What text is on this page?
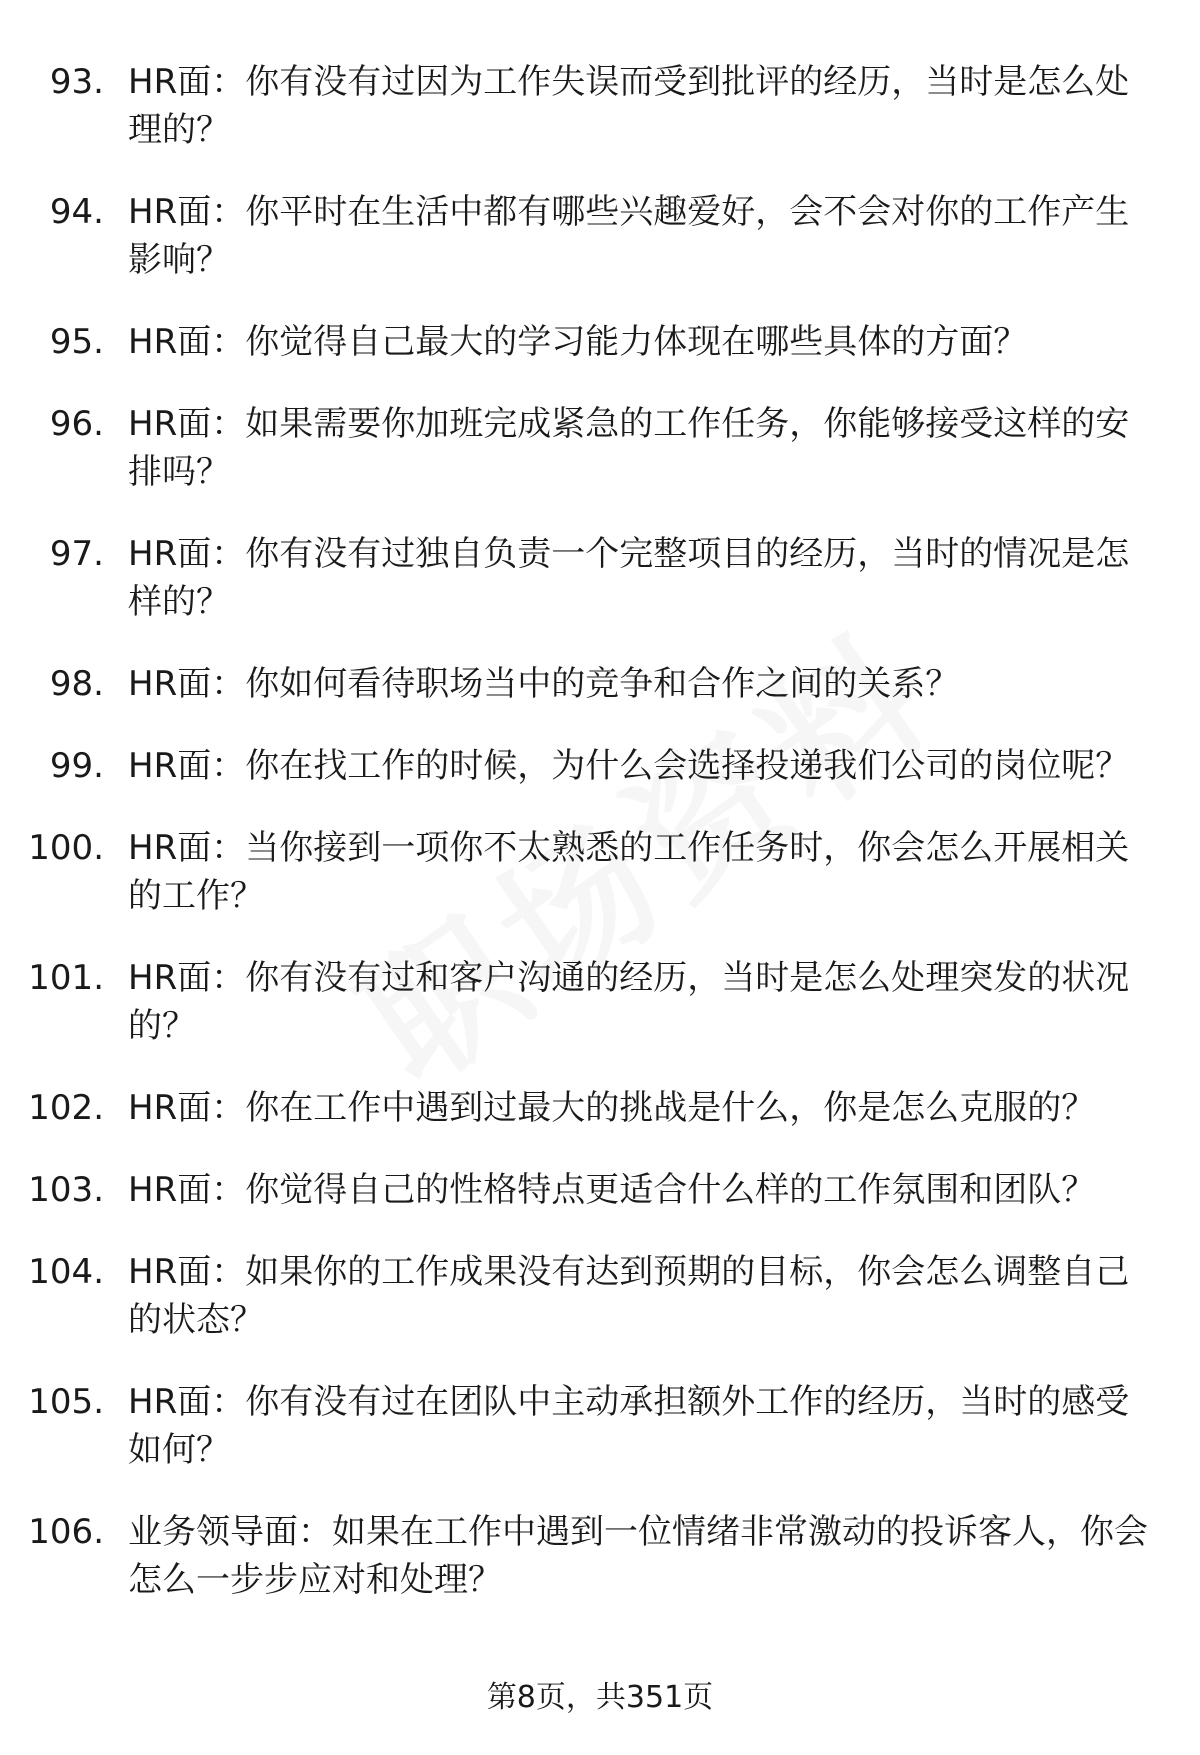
93. HR面：你有没有过因为工作失误而受到批评的经历，当时是怎么处理的？
94. HR面：你平时在生活中都有哪些兴趣爱好，会不会对你的工作产生影响？
95. HR面：你觉得自己最大的学习能力体现在哪些具体的方面？
96. HR面：如果需要你加班完成紧急的工作任务，你能够接受这样的安排吗？
97. HR面：你有没有过独自负责一个完整项目的经历，当时的情况是怎样的？
98. HR面：你如何看待职场当中的竞争和合作之间的关系？
99. HR面：你在找工作的时候，为什么会选择投递我们公司的岗位呢？
100. HR面：当你接到一项你不太熟悉的工作任务时，你会怎么开展相关的工作？
101. HR面：你有没有过和客户沟通的经历，当时是怎么处理突发的状况的？
102. HR面：你在工作中遇到过最大的挑战是什么，你是怎么克服的？
103. HR面：你觉得自己的性格特点更适合什么样的工作氛围和团队？
104. HR面：如果你的工作成果没有达到预期的目标，你会怎么调整自己的状态？
105. HR面：你有没有过在团队中主动承担额外工作的经历，当时的感受如何？
106. 业务领导面：如果在工作中遇到一位情绪非常激动的投诉客人，你会怎么一步步应对和处理？
第8页，共351页
